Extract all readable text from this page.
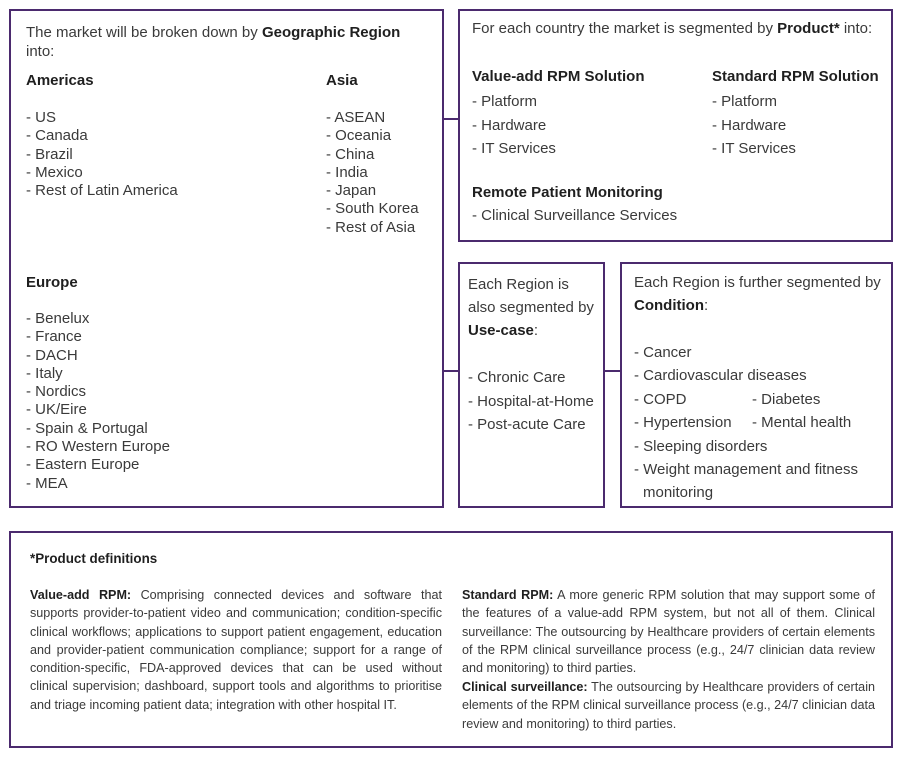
The market will be broken down by Geographic Region
into:
Americas
- US
- Canada
- Brazil
- Mexico
- Rest of Latin America
Asia
- ASEAN
- Oceania
- China
- India
- Japan
- South Korea
- Rest of Asia
Europe
- Benelux
- France
- DACH
- Italy
- Nordics
- UK/Eire
- Spain & Portugal
- RO Western Europe
- Eastern Europe
- MEA
For each country the market is segmented by Product* into:
Value-add RPM Solution
- Platform
- Hardware
- IT Services
Standard RPM Solution
- Platform
- Hardware
- IT Services
Remote Patient Monitoring
- Clinical Surveillance Services
Each Region is also segmented by
Use-case:
- Chronic Care
- Hospital-at-Home
- Post-acute Care
Each Region is further segmented by
Condition:
- Cancer
- Cardiovascular diseases
- COPD	- Diabetes
- Hypertension - Mental health
- Sleeping disorders
- Weight management and fitness
monitoring
*Product definitions
Value-add RPM: Comprising connected devices and software that supports provider-to-patient video and communication; condition-specific clinical workflows; applications to support patient engagement, education and provider-patient communication compliance; support for a range of condition-specific, FDA-approved devices that can be used without clinical supervision; dashboard, support tools and algorithms to prioritise and triage incoming patient data; integration with other hospital IT.
Standard RPM: A more generic RPM solution that may support some of the features of a value-add RPM system, but not all of them. Clinical surveillance: The outsourcing by Healthcare providers of certain elements of the RPM clinical surveillance process (e.g., 24/7 clinician data review and monitoring) to third parties.
Clinical surveillance: The outsourcing by Healthcare providers of certain elements of the RPM clinical surveillance process (e.g., 24/7 clinician data review and monitoring) to third parties.
